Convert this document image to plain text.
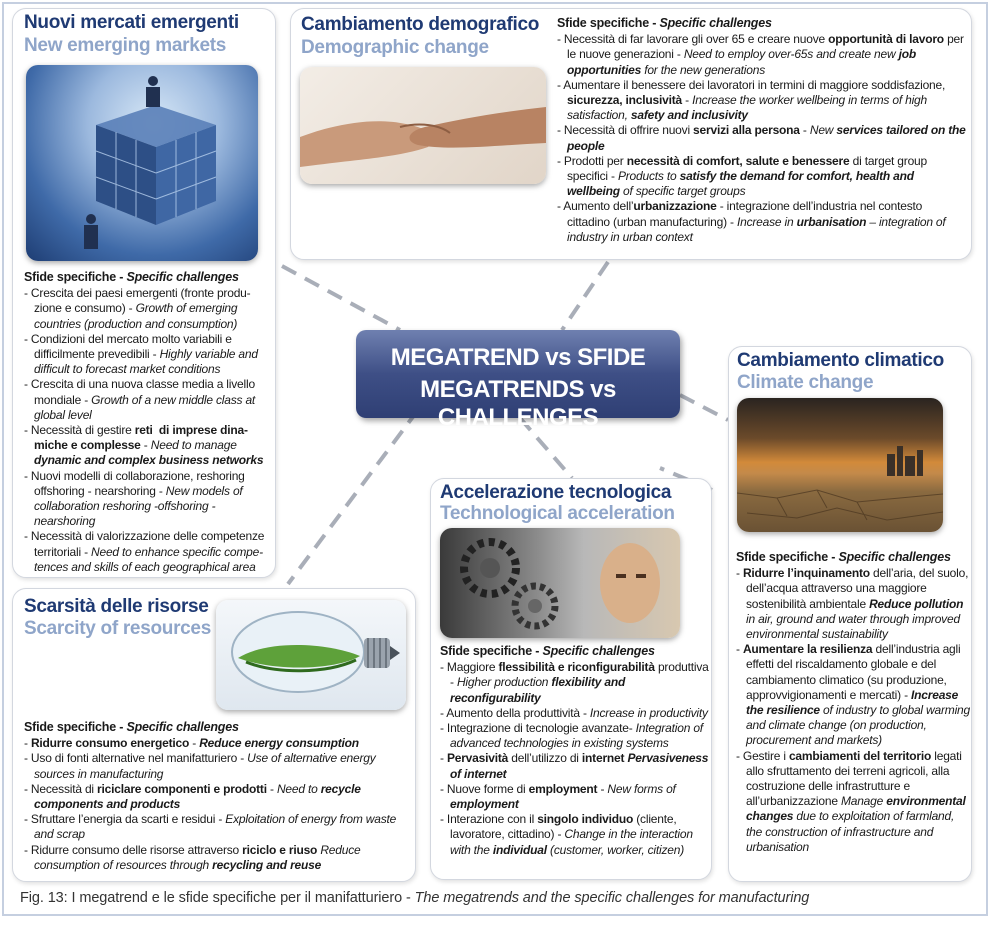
Nuovi mercati emergenti
New emerging markets
Sfide specifiche - Specific challenges
- Crescita dei paesi emergenti (fronte produzione e consumo) - Growth of emerging countries (production and consumption)
- Condizioni del mercato molto variabili e difficilmente prevedibili - Highly variable and difficult to forecast market conditions
- Crescita di una nuova classe media a livello mondiale - Growth of a new middle class at global level
- Necessità di gestire reti  di imprese dinamiche e complesse - Need to manage dynamic and complex business networks
- Nuovi modelli di collaborazione, reshoring offshoring - nearshoring - New models of collaboration reshoring -offshoring - nearshoring
- Necessità di valorizzazione delle competenze territoriali - Need to enhance specific competences and skills of each geographical area
Cambiamento demografico
Demographic change
Sfide specifiche - Specific challenges
- Necessità di far lavorare gli over 65 e creare nuove opportunità di lavoro per le nuove generazioni - Need to employ over-65s and create new job opportunities for the new generations
- Aumentare il benessere dei lavoratori in termini di maggiore soddisfazione, sicurezza, inclusività - Increase the worker wellbeing in terms of high satisfaction, safety and inclusivity
- Necessità di offrire nuovi servizi alla persona - New services tailored on the people
- Prodotti per necessità di comfort, salute e benessere di target group specifici - Products to satisfy the demand for comfort, health and wellbeing of specific target groups
- Aumento dell’urbanizzazione - integrazione dell’industria nel contesto cittadino (urban manufacturing) - Increase in urbanisation – integration of industry in urban context
MEGATREND vs SFIDE
MEGATRENDS vs CHALLENGES
Cambiamento climatico
Climate change
Sfide specifiche - Specific challenges
- Ridurre l’inquinamento dell’aria, del suolo, dell’acqua attraverso una maggiore sostenibilità ambientale Reduce pollution in air, ground and water through improved environmental sustainability
- Aumentare la resilienza dell’industria agli effetti del riscaldamento globale e del cambiamento climatico (su produzione, approvvigionamenti e mercati) - Increase the resilience of industry to global warming and climate change (on production, procurement and markets)
- Gestire i cambiamenti del territorio legati allo sfruttamento dei terreni agricoli, alla costruzione delle infrastrutture e all’urbanizzazione Manage environmental changes due to exploitation of farmland, the construction of infrastructure and urbanisation
Accelerazione tecnologica
Technological acceleration
Sfide specifiche - Specific challenges
- Maggiore flessibilità e riconfigurabilità produttiva - Higher production flexibility and reconfigurability
- Aumento della produttività - Increase in productivity
- Integrazione di tecnologie avanzate- Integration of advanced technologies in existing systems
- Pervasività dell’utilizzo di internet Pervasiveness of internet
- Nuove forme di employment - New forms of employment
- Interazione con il singolo individuo (cliente, lavoratore, cittadino) - Change in the interaction with the individual (customer, worker, citizen)
Scarsità delle risorse
Scarcity of resources
Sfide specifiche - Specific challenges
- Ridurre consumo energetico - Reduce energy consumption
- Uso di fonti alternative nel manifatturiero - Use of alternative energy sources in manufacturing
- Necessità di riciclare componenti e prodotti - Need to recycle components and products
- Sfruttare l’energia da scarti e residui - Exploitation of energy from waste and scrap
- Ridurre consumo delle risorse attraverso riciclo e riuso Reduce consumption of resources through recycling and reuse
Fig. 13: I megatrend e le sfide specifiche per il manifatturiero - The megatrends and the specific challenges for manufacturing
